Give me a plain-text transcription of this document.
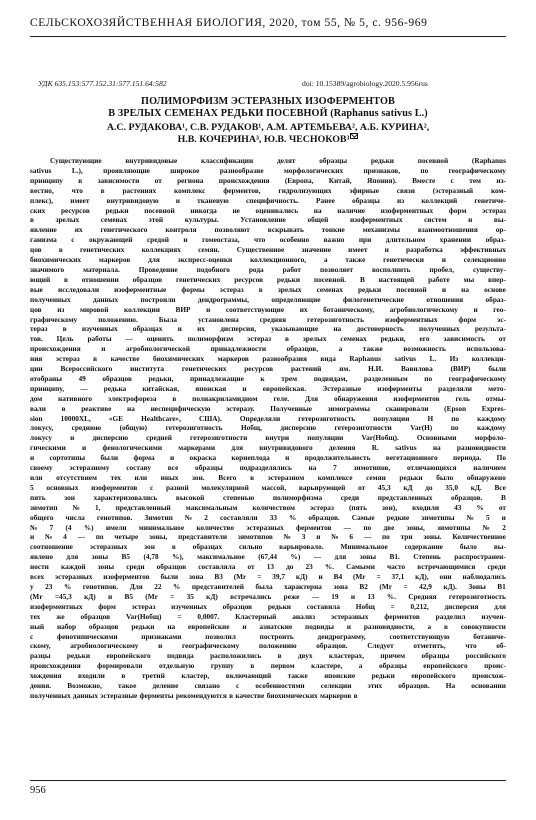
СЕЛЬСКОХОЗЯЙСТВЕННАЯ БИОЛОГИЯ, 2020, том 55, № 5, с. 956-969
УДК 635.153:577.152.31:577.151.64:582	doi: 10.15389/agrobiology.2020.5.956rus
ПОЛИМОРФИЗМ ЭСТЕРАЗНЫХ ИЗОФЕРМЕНТОВ
В ЗРЕЛЫХ СЕМЕНАХ РЕДЬКИ ПОСЕВНОЙ (Raphanus sativus L.)
А.С. РУДАКОВА¹, С.В. РУДАКОВ¹, А.М. АРТЕМЬЕВА², А.Б. КУРИНА²,
Н.В. КОЧЕРИНА³, Ю.В. ЧЕСНОКОВ³
Существующие	внутривидовые	классификации	делят	образцы	редьки	посевной	(Raphanus
sativus	L.),	проявляющие	широкое	разнообразие	морфологических	признаков,	по	географическому
принципу в зависимости от региона происхождения (Европа, Китай, Япония). Вместе с тем из-
вестно, что в растениях комплекс ферментов, гидролизующих эфирные связи (эстеразный ком-
плекс), имеет внутривидовую и тканевую специфичность. Ранее образцы из коллекций генетиче-
ских ресурсов редьки посевной никогда не оценивались на наличие изоферментных форм эстераз
в	зрелых	семенах	этой	культуры.	Установление	общей	изоферментных	систем	и	вы-
явление их генетического контроля позволяют вскрывать тонкие механизмы взаимоотношения ор-
ганизма с окружающей средой и гомеостаза, что особенно важно при длительном хранении образ-
цов в генетических коллекциях семян. Существенное значение имеет и разработка эффективных
биохимических маркеров для экспресс-оценки коллекционного, а также генетически и селекционно
значимого	материала.	Проведение	подобного	рода	работ	позволяет	восполнить	пробел,	существу-
ющий в отношении образцов генетических ресурсов редьки посевной. В настоящей работе мы впер-
вые исследовали изоферментные формы эстераз в зрелых семенах редьки посевной и на основе
полученных	данных	построили	дендрограммы,	определяющие	филогенетические	отношения	образ-
цов из мировой коллекции ВИР и соответствующие их ботаническому, агробиологическому и гео-
графическому	положению.	Была	установлена	средняя	гетерозиготность	изоферментных	форм	эс-
тераз в изученных образцах и их дисперсия, указывающие на достоверность полученных результа-
тов. Цель работы — оценить полиморфизм эстераз в зрелых семенах редьки, его зависимость от
происхождения	и	агробиологической	принадлежности	образцов,	а	также	возможность	использова-
ния эстераз в качестве биохимических маркеров разнообразия вида Raphanus sativus L. Из коллекци-
ции Всероссийского института генетических ресурсов растений им. Н.И. Вавилова (ВИР) были
отобраны 49 образцов редьки, принадлежащие к трем подвидам, разделенным по географическому
принципу, — редька китайская, японская и европейская. Эстеразные изоферменты разделяли мето-
дом нативного электрофореза в полиакриламидном геле. Для обнаружения изоферментов гель отмы-
вали в реактиве на неспецифическую эстеразу. Полученные зимограммы сканировали (Epson Expres-
sion 10000XL, «GE Healthcare», США). Определяли гетерозиготность популяции Н по каждому
локусу,	среднюю	(общую)	гетерозиготность	Нобщ,	дисперсию	гетерозиготности	Var(H)	по	каждому
локусу и дисперсию средней гетерозиготности внутри популяции Var(Нобщ). Основными морфоло-
гическими и фенологическими маркерами для внутривидового деления R. sativus на разновидности
и сортотипы были форма и окраска корнеплода и продолжительность вегетационного периода. По
своему эстеразному составу все образцы подразделялись на 7 зимотипов, отличающихся наличием
или отсутствием тех или иных зон. Всего в эстеразном комплексе семян редьки было обнаружено
5 основных изоферментов с разной молекулярной массой, варьирующей от 45,3 кД до 35,0 кД. Все
пять	зон	характеризовались	высокой	степенью	полиморфизма	среди	представленных	образцов.	В
зимотип № 1, представленный максимальным количеством эстераз (пять зон), входили 43 % от
общего числа генотипов. Зимотип № 2 составляли 33 % образцов. Самые редкие зимотипы № 5 и
№ 7 (4 %) имели минимальное количество эстеразных ферментов — по две зоны, зимотипы № 2
и № 4 — по четыре зоны, представители зимотипов № 3 и № 6 — по три зоны. Количественное
соотношение эстеразных зон в образцах сильно варьировало. Минимальное содержание было вы-
явлено для зоны В5 (4,78 %), максимальное (67,44 %) — для зоны В1. Степень распространен-
ности каждой зоны среди образцов составляла от 13 до 23 %. Самыми часто встречающимися среди
всех эстеразных изоферментов были зона В3 (Mr = 39,7 кД) и В4 (Mr = 37,1 кД), они наблюдались
у 23 % генотипов. Для 22 % представителей была характерна зона В2 (Mr = 42,9 кД). Зоны В1
(Mr =45,3 кД) и В5 (Mr = 35 кД) встречались реже — 19 и 13 %. Средняя гетерозиготность
изоферментных форм эстераз изученных образцов редьки составила Нобщ = 0,212, дисперсия для
тех же образцов Var(Нобщ) = 0,0007. Кластерный анализ эстеразных ферментов разделил изучен-
ный набор образцов редьки на европейские и азиатские подвиды и разновидности, а в совокупности
с	фенотипическими	признаками	позволил	построить	дендрограмму,	соответствующую	ботаниче-
скому,	агробиологическому	и	географическому	положению	образцов.	Следует	отметить,	что	об-
разцы редьки европейского подвида расположились в двух кластерах, причем образцы российского
происхождения формировали отдельную группу в первом кластере, а образцы европейского проис-
хождения входили в третий кластер, включающий также японские редьки европейского происхож-
дения. Возможно, такое деление связано с особенностями селекции этих образцов. На основании
полученных данных эстеразные ферменты рекомендуются в качестве биохимических маркеров в
956
